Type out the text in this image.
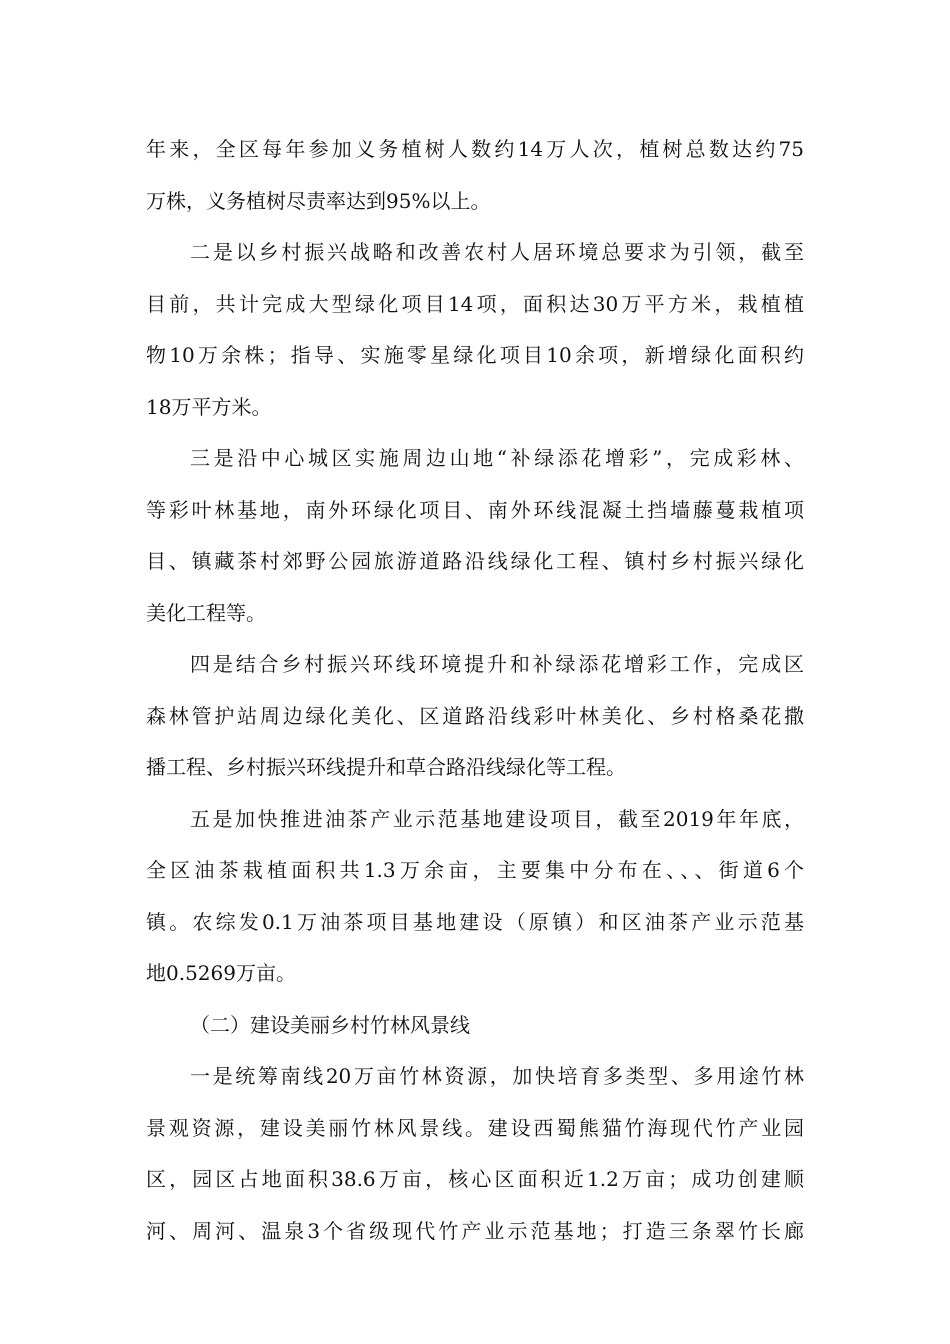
年来，全区每年参加义务植树人数约14万人次，植树总数达约75
万株，义务植树尽责率达到95%以上。
二是以乡村振兴战略和改善农村人居环境总要求为引领，截至
目前，共计完成大型绿化项目14项，面积达30万平方米，栽植植
物10万余株；指导、实施零星绿化项目10余项，新增绿化面积约
18万平方米。
三是沿中心城区实施周边山地“补绿添花增彩”，完成彩林、
等彩叶林基地，南外环绿化项目、南外环线混凝土挡墙藤蔓栽植项
目、镇藏茶村郊野公园旅游道路沿线绿化工程、镇村乡村振兴绿化
美化工程等。
四是结合乡村振兴环线环境提升和补绿添花增彩工作，完成区
森林管护站周边绿化美化、区道路沿线彩叶林美化、乡村格桑花撒
播工程、乡村振兴环线提升和草合路沿线绿化等工程。
五是加快推进油茶产业示范基地建设项目，截至2019年年底，
全区油茶栽植面积共1.3万余亩，主要集中分布在、、、街道6个
镇。农综发0.1万油茶项目基地建设（原镇）和区油茶产业示范基
地0.5269万亩。
（二）建设美丽乡村竹林风景线
一是统筹南线20万亩竹林资源，加快培育多类型、多用途竹林
景观资源，建设美丽竹林风景线。建设西蜀熊猫竹海现代竹产业园
区，园区占地面积38.6万亩，核心区面积近1.2万亩；成功创建顺
河、周河、温泉3个省级现代竹产业示范基地；打造三条翠竹长廊
